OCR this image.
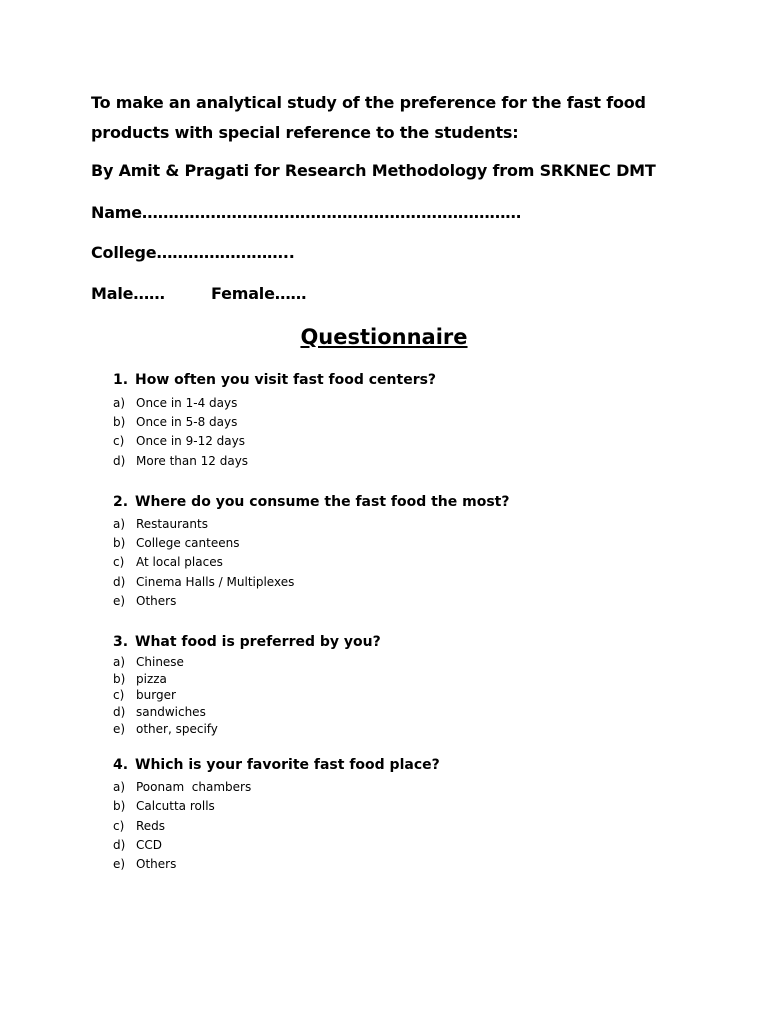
To make an analytical study of the preference for the fast food
products with special reference to the students:
By Amit & Pragati for Research Methodology from SRKNEC DMT
Name………………………………………………………………
College……………………..
Male……	Female……
Questionnaire
1. How often you visit fast food centers?
a) Once in 1-4 days
b) Once in 5-8 days
c) Once in 9-12 days
d) More than 12 days
2. Where do you consume the fast food the most?
a) Restaurants
b) College canteens
c) At local places
d) Cinema Halls / Multiplexes
e) Others
3. What food is preferred by you?
a) Chinese
b) pizza
c) burger
d) sandwiches
e) other, specify
4. Which is your favorite fast food place?
a) Poonam  chambers
b) Calcutta rolls
c) Reds
d) CCD
e) Others
